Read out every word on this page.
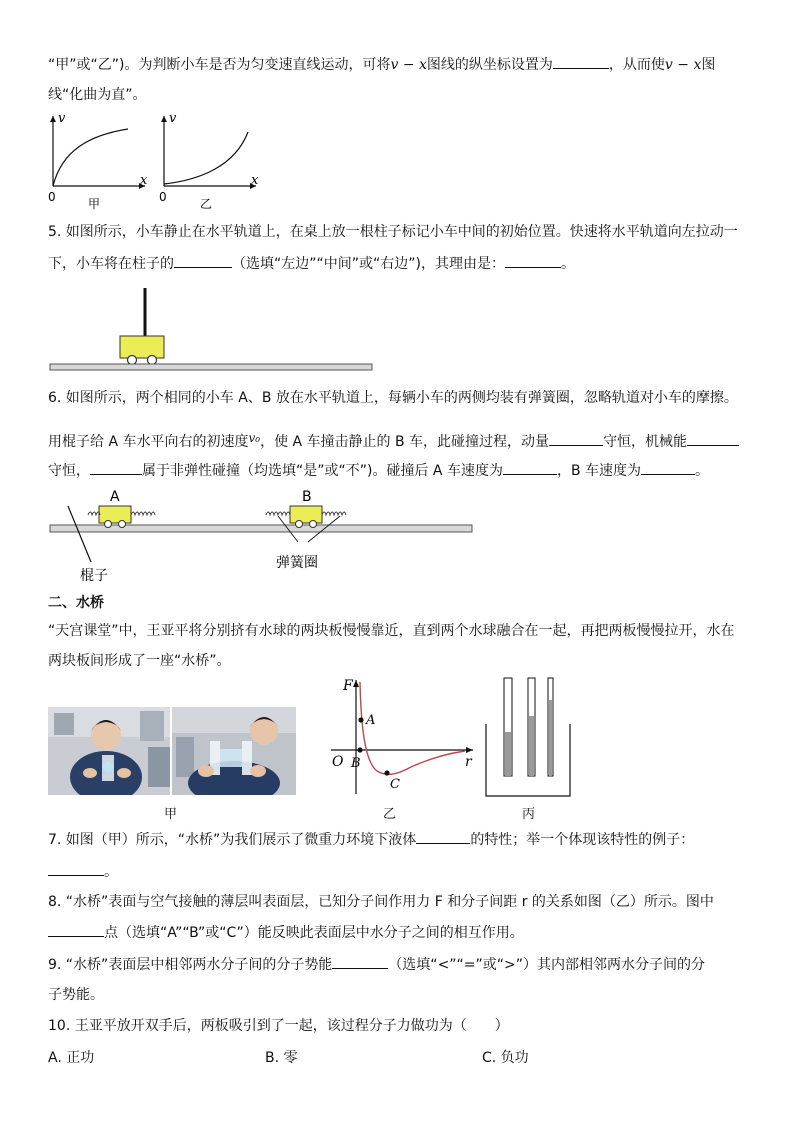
“甲”或“乙”)。为判断小车是否为匀变速直线运动，可将v − x图线的纵坐标设置为	，从而使v − x图
线“化曲为直”。
v
x
0	甲
v
x
0	乙
5. 如图所示，小车静止在水平轨道上，在桌上放一根柱子标记小车中间的初始位置。快速将水平轨道向左拉动一
下，小车将在柱子的	（选填“左边”“中间”或“右边”)，其理由是：	。
6. 如图所示，两个相同的小车 A、B 放在水平轨道上，每辆小车的两侧均装有弹簧圈，忽略轨道对小车的摩擦。
用棍子给 A 车水平向右的初速度v₀，使 A 车撞击静止的 B 车，此碰撞过程，动量	守恒，机械能
守恒，	属于非弹性碰撞（均选填“是”或“不”)。碰撞后 A 车速度为	，B 车速度为	。
A	B
棍子
弹簧圈
二、水桥
“天宫课堂”中，王亚平将分别挤有水球的两块板慢慢靠近，直到两个水球融合在一起，再把两板慢慢拉开，水在
两块板间形成了一座“水桥”。
F
r
O
A
B
C
甲	乙	丙
7. 如图（甲）所示，“水桥”为我们展示了微重力环境下液体	的特性；举一个体现该特性的例子：
。
8. “水桥”表面与空气接触的薄层叫表面层，已知分子间作用力 F 和分子间距 r 的关系如图（乙）所示。图中
点（选填“A”“B”或“C”）能反映此表面层中水分子之间的相互作用。
9. “水桥”表面层中相邻两水分子间的分子势能	（选填“<”“=”或“>”）其内部相邻两水分子间的分
子势能。
10. 王亚平放开双手后，两板吸引到了一起，该过程分子力做功为（　　）
A. 正功	B. 零	C. 负功
